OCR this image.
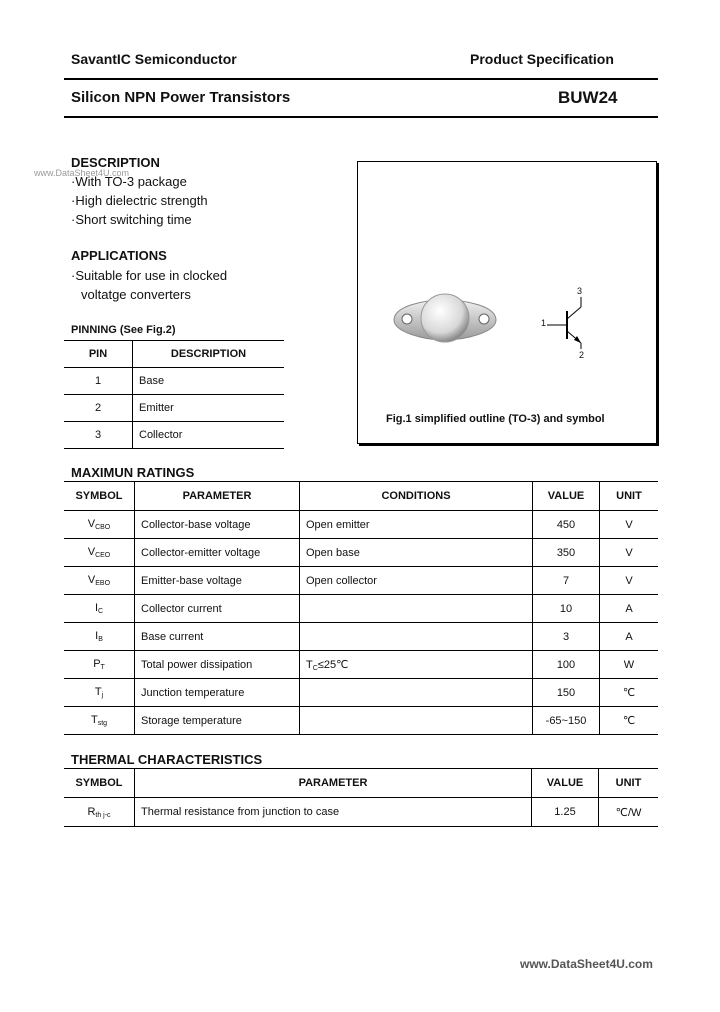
SavantIC Semiconductor	Product Specification
Silicon NPN Power Transistors	BUW24
www.DataSheet4U.com
DESCRIPTION
·With TO-3 package
·High dielectric strength
·Short switching time
APPLICATIONS
·Suitable for use in clocked
voltatge converters
PINNING (See Fig.2)
PIN	DESCRIPTION
1	Base
2	Emitter
3	Collector
1
3
2
Fig.1 simplified outline (TO-3) and symbol
MAXIMUN RATINGS
SYMBOL	PARAMETER	CONDITIONS	VALUE	UNIT
$V_{CBO}$	Collector-base voltage	Open emitter	450	V
$V_{CEO}$	Collector-emitter voltage	Open base	350	V
$V_{EBO}$	Emitter-base voltage	Open collector	7	V
$I_C$	Collector current		10	A
$I_B$	Base current		3	A
$P_T$	Total power dissipation	$T_C\le 25℃$	100	W
$T_j$	Junction temperature		150	℃
$T_{stg}$	Storage temperature		-65~150	℃
THERMAL CHARACTERISTICS
SYMBOL	PARAMETER	VALUE	UNIT
$R_{th j-c}$	Thermal resistance from junction to case	1.25	℃/W
www.DataSheet4U.com
